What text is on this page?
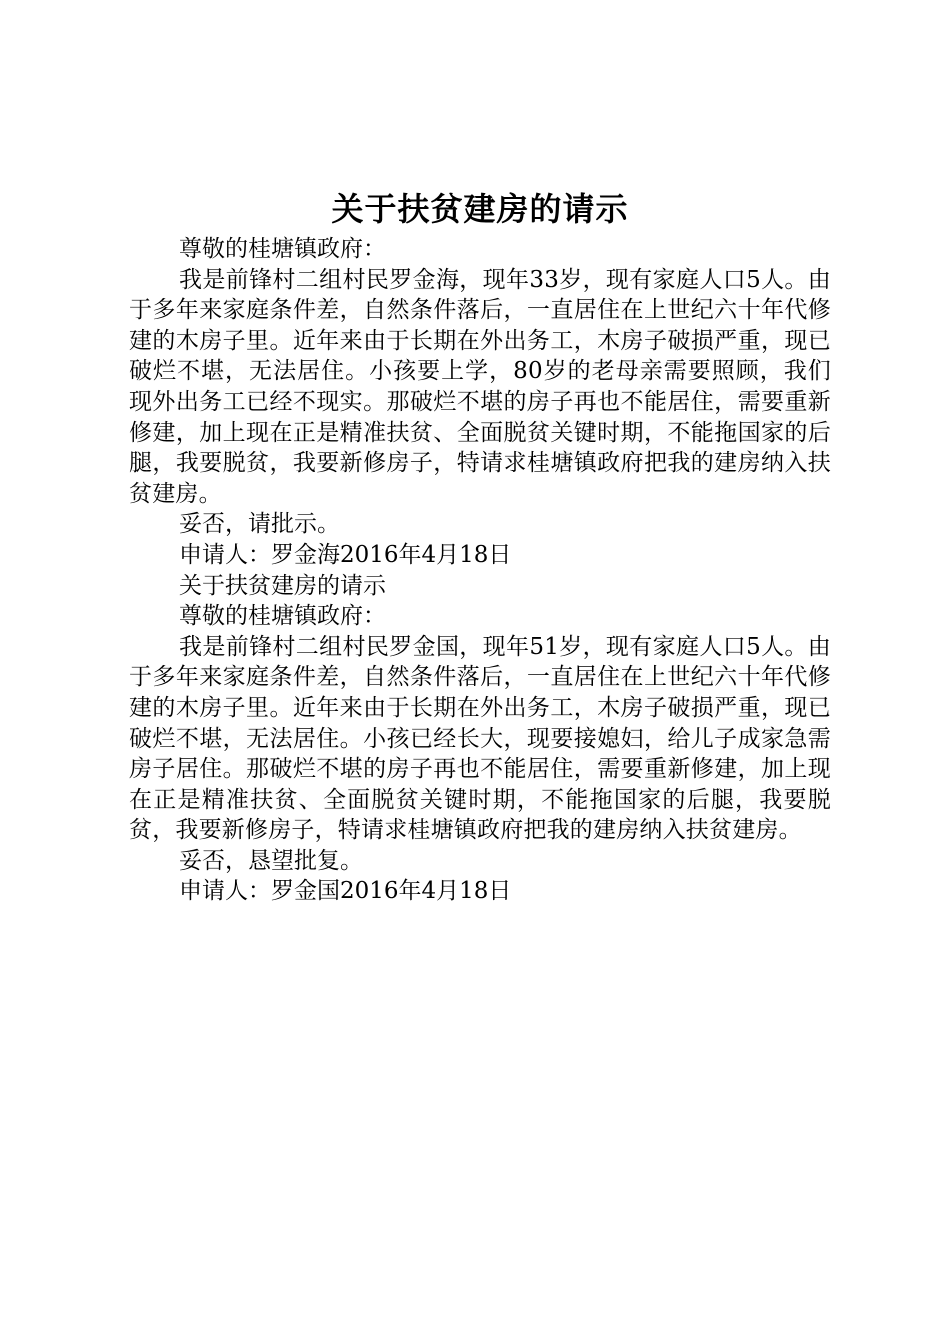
关于扶贫建房的请示

尊敬的桂塘镇政府：

我是前锋村二组村民罗金海，现年33岁，现有家庭人口5人。由于多年来家庭条件差，自然条件落后，一直居住在上世纪六十年代修建的木房子里。近年来由于长期在外出务工，木房子破损严重，现已破烂不堪，无法居住。小孩要上学，80岁的老母亲需要照顾，我们现外出务工已经不现实。那破烂不堪的房子再也不能居住，需要重新修建，加上现在正是精准扶贫、全面脱贫关键时期，不能拖国家的后腿，我要脱贫，我要新修房子，特请求桂塘镇政府把我的建房纳入扶贫建房。

妥否，请批示。

申请人：罗金海2016年4月18日

关于扶贫建房的请示

尊敬的桂塘镇政府：

我是前锋村二组村民罗金国，现年51岁，现有家庭人口5人。由于多年来家庭条件差，自然条件落后，一直居住在上世纪六十年代修建的木房子里。近年来由于长期在外出务工，木房子破损严重，现已破烂不堪，无法居住。小孩已经长大，现要接媳妇，给儿子成家急需房子居住。那破烂不堪的房子再也不能居住，需要重新修建，加上现在正是精准扶贫、全面脱贫关键时期，不能拖国家的后腿，我要脱贫，我要新修房子，特请求桂塘镇政府把我的建房纳入扶贫建房。

妥否，恳望批复。

申请人：罗金国2016年4月18日
